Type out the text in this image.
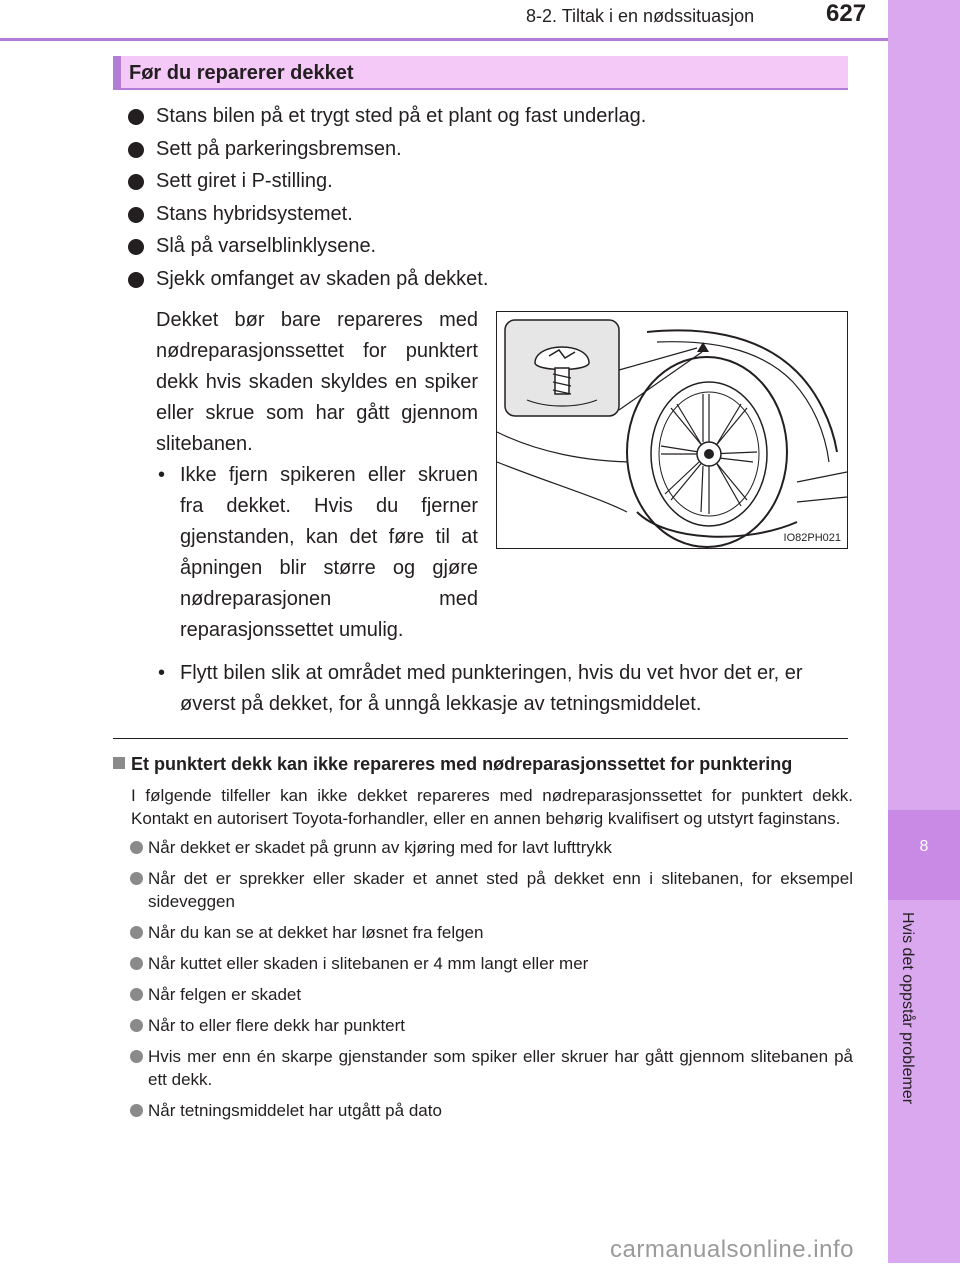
8-2. Tiltak i en nødssituasjon	627
8
Hvis det oppstår problemer
Før du reparerer dekket
Stans bilen på et trygt sted på et plant og fast underlag.
Sett på parkeringsbremsen.
Sett giret i P-stilling.
Stans hybridsystemet.
Slå på varselblinklysene.
Sjekk omfanget av skaden på dekket.

Dekket bør bare repareres med nødreparasjonssettet for punktert dekk hvis skaden skyldes en spiker eller skrue som har gått gjennom slitebanen.

• Ikke fjern spikeren eller skruen fra dekket. Hvis du fjerner gjenstanden, kan det føre til at åpningen blir større og gjøre nødreparasjonen med reparasjonssettet umulig.
IO82PH021
• Flytt bilen slik at området med punkteringen, hvis du vet hvor det er, er øverst på dekket, for å unngå lekkasje av tetningsmiddelet.
Et punktert dekk kan ikke repareres med nødreparasjonssettet for punktering
I følgende tilfeller kan ikke dekket repareres med nødreparasjonssettet for punktert dekk. Kontakt en autorisert Toyota-forhandler, eller en annen behørig kvalifisert og utstyrt faginstans.
Når dekket er skadet på grunn av kjøring med for lavt lufttrykk
Når det er sprekker eller skader et annet sted på dekket enn i slitebanen, for eksempel sideveggen
Når du kan se at dekket har løsnet fra felgen
Når kuttet eller skaden i slitebanen er 4 mm langt eller mer
Når felgen er skadet
Når to eller flere dekk har punktert
Hvis mer enn én skarpe gjenstander som spiker eller skruer har gått gjennom slitebanen på ett dekk.
Når tetningsmiddelet har utgått på dato
carmanualsonline.info
